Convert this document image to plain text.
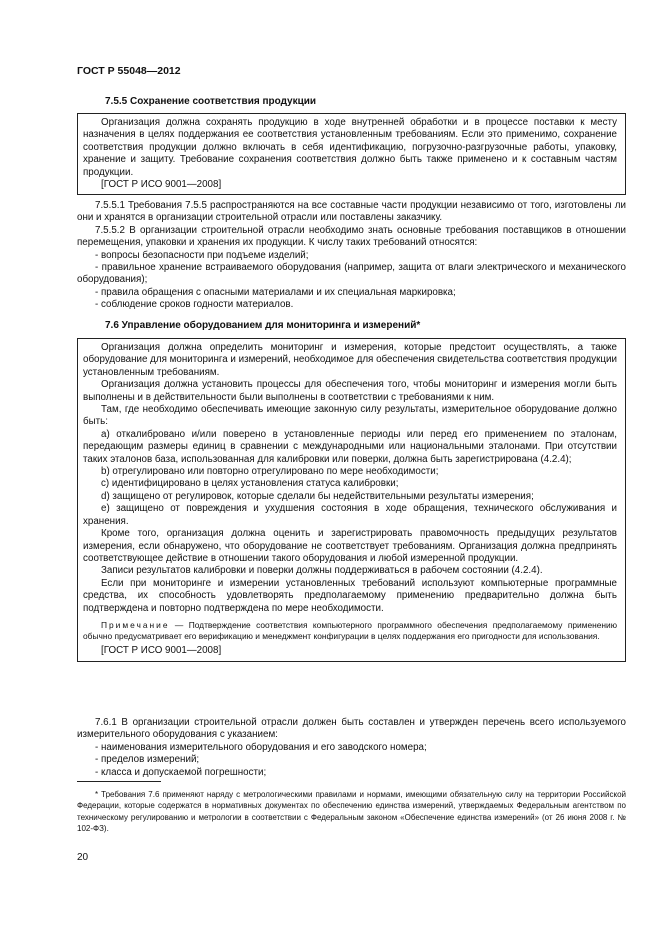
ГОСТ Р 55048—2012
7.5.5 Сохранение соответствия продукции

Организация должна сохранять продукцию в ходе внутренней обработки и в процессе поставки к месту назначения в целях поддержания ее соответствия установленным требованиям. Если это применимо, сохранение соответствия продукции должно включать в себя идентификацию, погрузочно-разгрузочные работы, упаковку, хранение и защиту. Требование сохранения соответствия должно быть также применено и к составным частям продукции.

[ГОСТ Р ИСО 9001—2008]

7.5.5.1 Требования 7.5.5 распространяются на все составные части продукции независимо от того, изготовлены ли они и хранятся в организации строительной отрасли или поставлены заказчику.

7.5.5.2 В организации строительной отрасли необходимо знать основные требования поставщиков в отношении перемещения, упаковки и хранения их продукции. К числу таких требований относятся:

- вопросы безопасности при подъеме изделий;

- правильное хранение встраиваемого оборудования (например, защита от влаги электрического и механического оборудования);

- правила обращения с опасными материалами и их специальная маркировка;

- соблюдение сроков годности материалов.

7.6 Управление оборудованием для мониторинга и измерений*

Организация должна определить мониторинг и измерения, которые предстоит осуществлять, а также оборудование для мониторинга и измерений, необходимое для обеспечения свидетельства соответствия продукции установленным требованиям.

Организация должна установить процессы для обеспечения того, чтобы мониторинг и измерения могли быть выполнены и в действительности были выполнены в соответствии с требованиями к ним.

Там, где необходимо обеспечивать имеющие законную силу результаты, измерительное оборудование должно быть:

a) откалибровано и/или поверено в установленные периоды или перед его применением по эталонам, передающим размеры единиц в сравнении с международными или национальными эталонами. При отсутствии таких эталонов база, использованная для калибровки или поверки, должна быть зарегистрирована (4.2.4);

b) отрегулировано или повторно отрегулировано по мере необходимости;

c) идентифицировано в целях установления статуса калибровки;

d) защищено от регулировок, которые сделали бы недействительными результаты измерения;

e) защищено от повреждения и ухудшения состояния в ходе обращения, технического обслуживания и хранения.

Кроме того, организация должна оценить и зарегистрировать правомочность предыдущих результатов измерения, если обнаружено, что оборудование не соответствует требованиям. Организация должна предпринять соответствующее действие в отношении такого оборудования и любой измеренной продукции.

Записи результатов калибровки и поверки должны поддерживаться в рабочем состоянии (4.2.4).

Если при мониторинге и измерении установленных требований используют компьютерные программные средства, их способность удовлетворять предполагаемому применению предварительно должна быть подтверждена и повторно подтверждена по мере необходимости.

Примечание — Подтверждение соответствия компьютерного программного обеспечения предполагаемому применению обычно предусматривает его верификацию и менеджмент конфигурации в целях поддержания его пригодности для использования.

[ГОСТ Р ИСО 9001—2008]

7.6.1 В организации строительной отрасли должен быть составлен и утвержден перечень всего используемого измерительного оборудования с указанием:

- наименования измерительного оборудования и его заводского номера;

- пределов измерений;

- класса и допускаемой погрешности;

* Требования 7.6 применяют наряду с метрологическими правилами и нормами, имеющими обязательную силу на территории Российской Федерации, которые содержатся в нормативных документах по обеспечению единства измерений, утверждаемых Федеральным агентством по техническому регулированию и метрологии в соответствии с Федеральным законом «Обеспечение единства измерений» (от 26 июня 2008 г. № 102-ФЗ).

20
